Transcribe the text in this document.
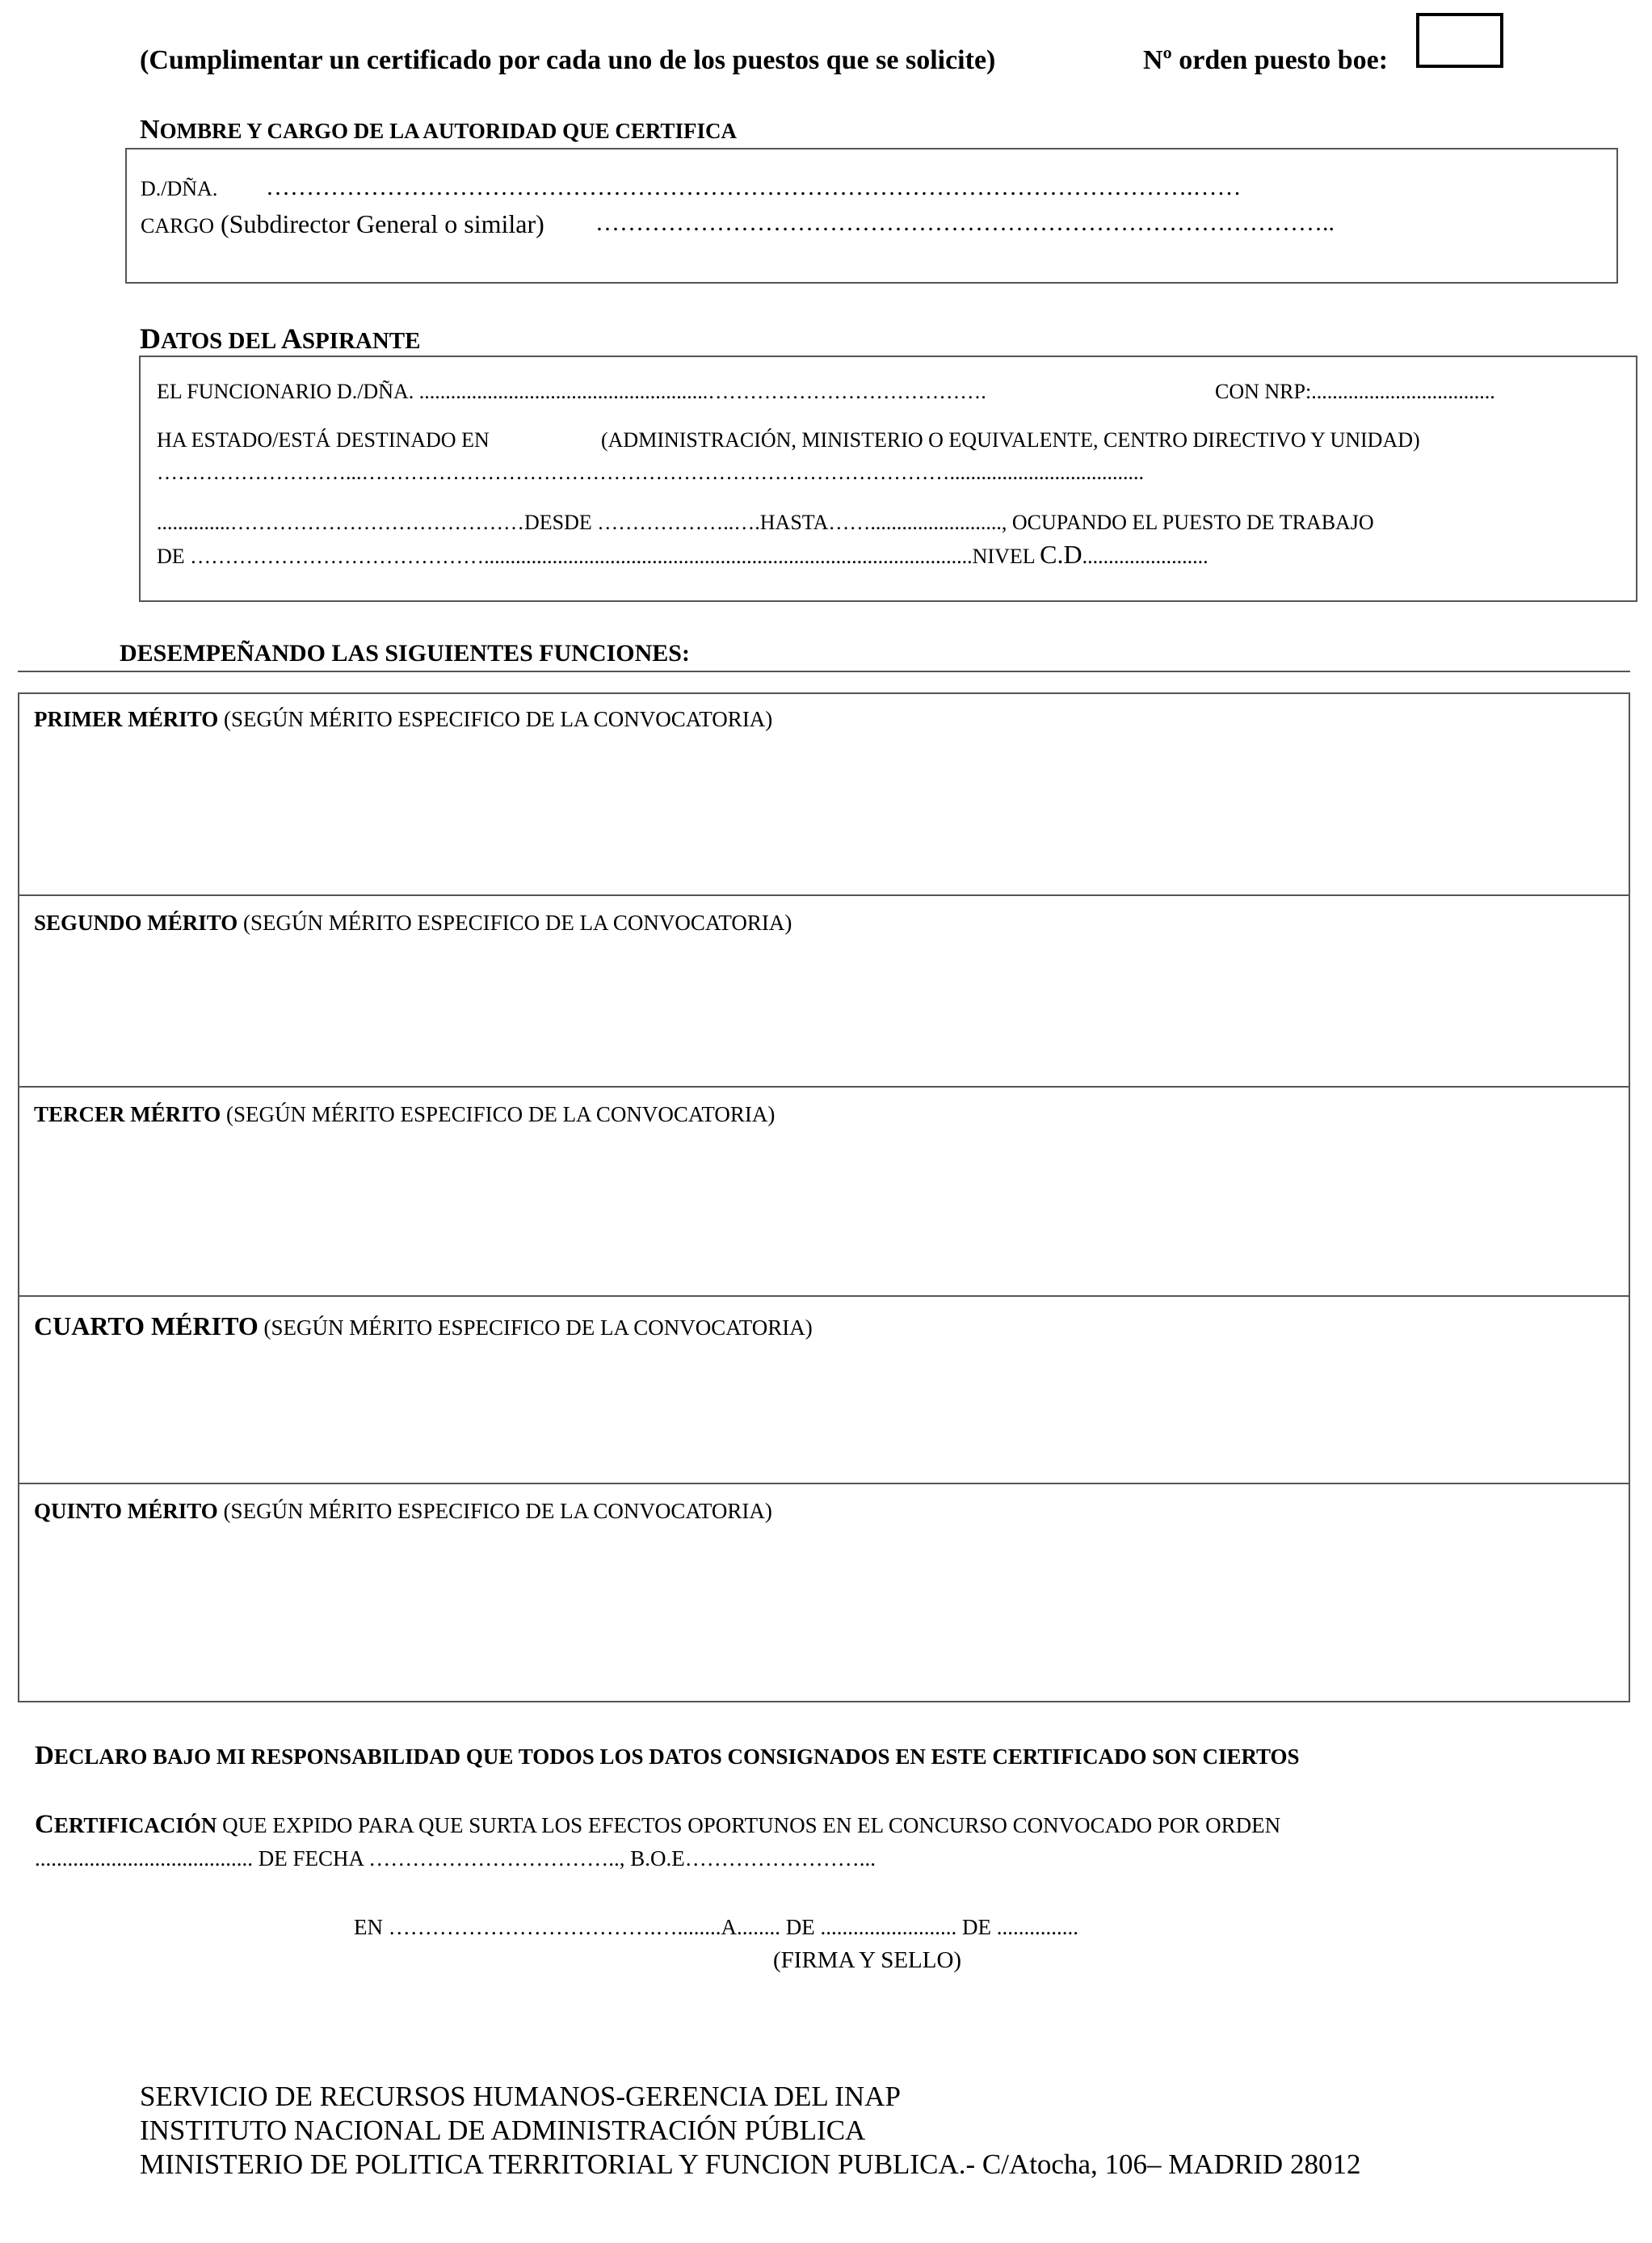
(Cumplimentar un certificado por cada uno de los puestos que se solicite)	Nº orden puesto boe:
NOMBRE Y CARGO DE LA AUTORIDAD QUE CERTIFICA
D./DÑA. …………………………………………………………………………………………………….……
CARGO (Subdirector General o similar) ………………………………………………………………………………..
DATOS DEL ASPIRANTE
EL FUNCIONARIO D./DÑA. .......................................................………………………………….	CON NRP:...................................
HA ESTADO/ESTÁ DESTINADO EN	(ADMINISTRACIÓN, MINISTERIO O EQUIVALENTE, CENTRO DIRECTIVO Y UNIDAD)
………………………...………………………………………………………………………….....................................
..............……………………………………DESDE ………………..….HASTA……........................., OCUPANDO EL PUESTO DE TRABAJO
DE …………………………………….............................................................................................NIVEL C.D........................
DESEMPEÑANDO LAS SIGUIENTES FUNCIONES:
PRIMER MÉRITO (SEGÚN MÉRITO ESPECIFICO DE LA CONVOCATORIA)
SEGUNDO MÉRITO (SEGÚN MÉRITO ESPECIFICO DE LA CONVOCATORIA)
TERCER MÉRITO (SEGÚN MÉRITO ESPECIFICO DE LA CONVOCATORIA)
CUARTO MÉRITO (SEGÚN MÉRITO ESPECIFICO DE LA CONVOCATORIA)
QUINTO MÉRITO (SEGÚN MÉRITO ESPECIFICO DE LA CONVOCATORIA)
DECLARO BAJO MI RESPONSABILIDAD QUE TODOS LOS DATOS CONSIGNADOS EN ESTE CERTIFICADO SON CIERTOS
CERTIFICACIÓN QUE EXPIDO PARA QUE SURTA LOS EFECTOS OPORTUNOS EN EL CONCURSO CONVOCADO POR ORDEN
........................................ DE FECHA …………………………….., B.O.E……………………...
EN ……………………………….…........A........ DE ......................... DE ...............
(FIRMA Y SELLO)
SERVICIO DE RECURSOS HUMANOS-GERENCIA DEL INAP
INSTITUTO NACIONAL DE ADMINISTRACIÓN PÚBLICA
MINISTERIO DE POLITICA TERRITORIAL Y FUNCION PUBLICA.- C/Atocha, 106– MADRID 28012
